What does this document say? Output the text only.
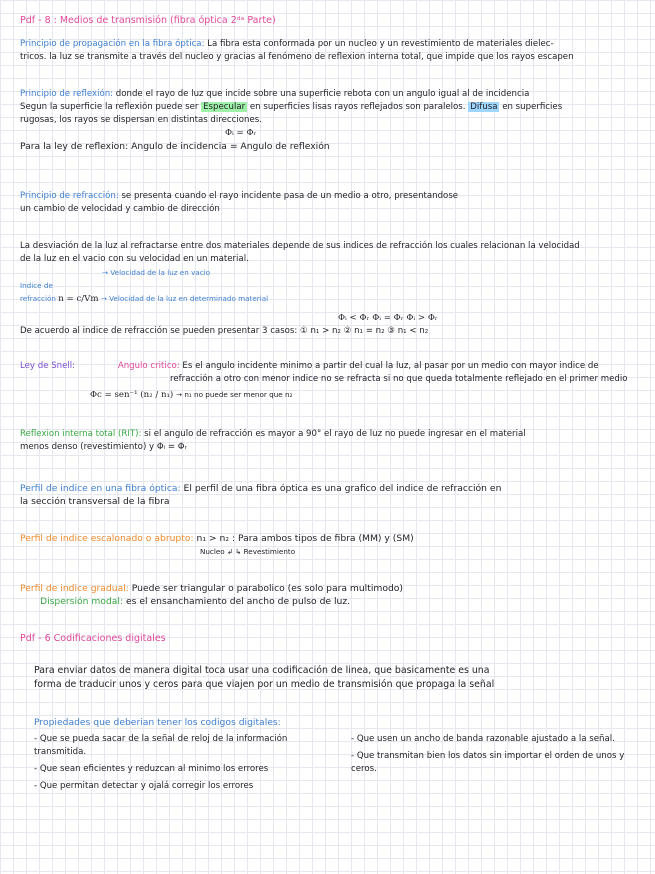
Pdf - 8 : Medios de transmisión (fibra óptica 2ᵈᵃ Parte)
Principio de propagación en la fibra óptica: La fibra esta conformada por un nucleo y un revestimiento de materiales dielec-
tricos. la luz se transmite a través del nucleo y gracias al fenómeno de reflexion interna total, que impide que los rayos escapen
Principio de reflexión: donde el rayo de luz que incide sobre una superficie rebota con un angulo igual al de incidencia
Segun la superficie la reflexión puede ser Especular en superficies lisas rayos reflejados son paralelos. Difusa en superficies
rugosas, los rayos se dispersan en distintas direcciones.
Φᵢ = Φᵣ
Para la ley de reflexion: Angulo de incidencia = Angulo de reflexión
Principio de refracción: se presenta cuando el rayo incidente pasa de un medio a otro, presentandose
un cambio de velocidad y cambio de dirección
La desviación de la luz al refractarse entre dos materiales depende de sus indices de refracción los cuales relacionan la velocidad
de la luz en el vacio con su velocidad en un material.
→ Velocidad de la luz en vacio
Indice de
refracción n = c/Vm → Velocidad de la luz en determinado material
Φᵢ < Φᵣ Φᵢ = Φᵣ Φᵢ > Φᵣ
De acuerdo al indice de refracción se pueden presentar 3 casos: ① n₁ > n₂ ② n₁ = n₂ ③ n₁ < n₂
Ley de Snell:	Angulo critico: Es el angulo incidente minimo a partir del cual la luz, al pasar por un medio con mayor indice de
refracción a otro con menor indice no se refracta si no que queda totalmente reflejado en el primer medio
Φc = sen⁻¹ (n₂ / n₁) → n₁ no puede ser menor que n₂
Reflexion interna total (RIT): si el angulo de refracción es mayor a 90° el rayo de luz no puede ingresar en el material
menos denso (revestimiento) y Φᵢ = Φᵣ
Perfil de indice en una fibra óptica: El perfil de una fibra óptica es una grafico del indice de refracción en
la sección transversal de la fibra
Perfil de indice escalonado o abrupto: n₁ > n₂ : Para ambos tipos de fibra (MM) y (SM)
Nucleo ↲ ↳ Revestimiento
Perfil de indice gradual: Puede ser triangular o parabolico (es solo para multimodo)
Dispersión modal: es el ensanchamiento del ancho de pulso de luz.
Pdf - 6 Codificaciones digitales
Para enviar datos de manera digital toca usar una codificación de linea, que basicamente es una
forma de traducir unos y ceros para que viajen por un medio de transmisión que propaga la señal
Propiedades que deberian tener los codigos digitales:
- Que se pueda sacar de la señal de reloj de la información transmitida.
- Que sean eficientes y reduzcan al minimo los errores
- Que permitan detectar y ojalá corregir los errores
- Que usen un ancho de banda razonable ajustado a la señal.
- Que transmitan bien los datos sin importar el orden de unos y ceros.
